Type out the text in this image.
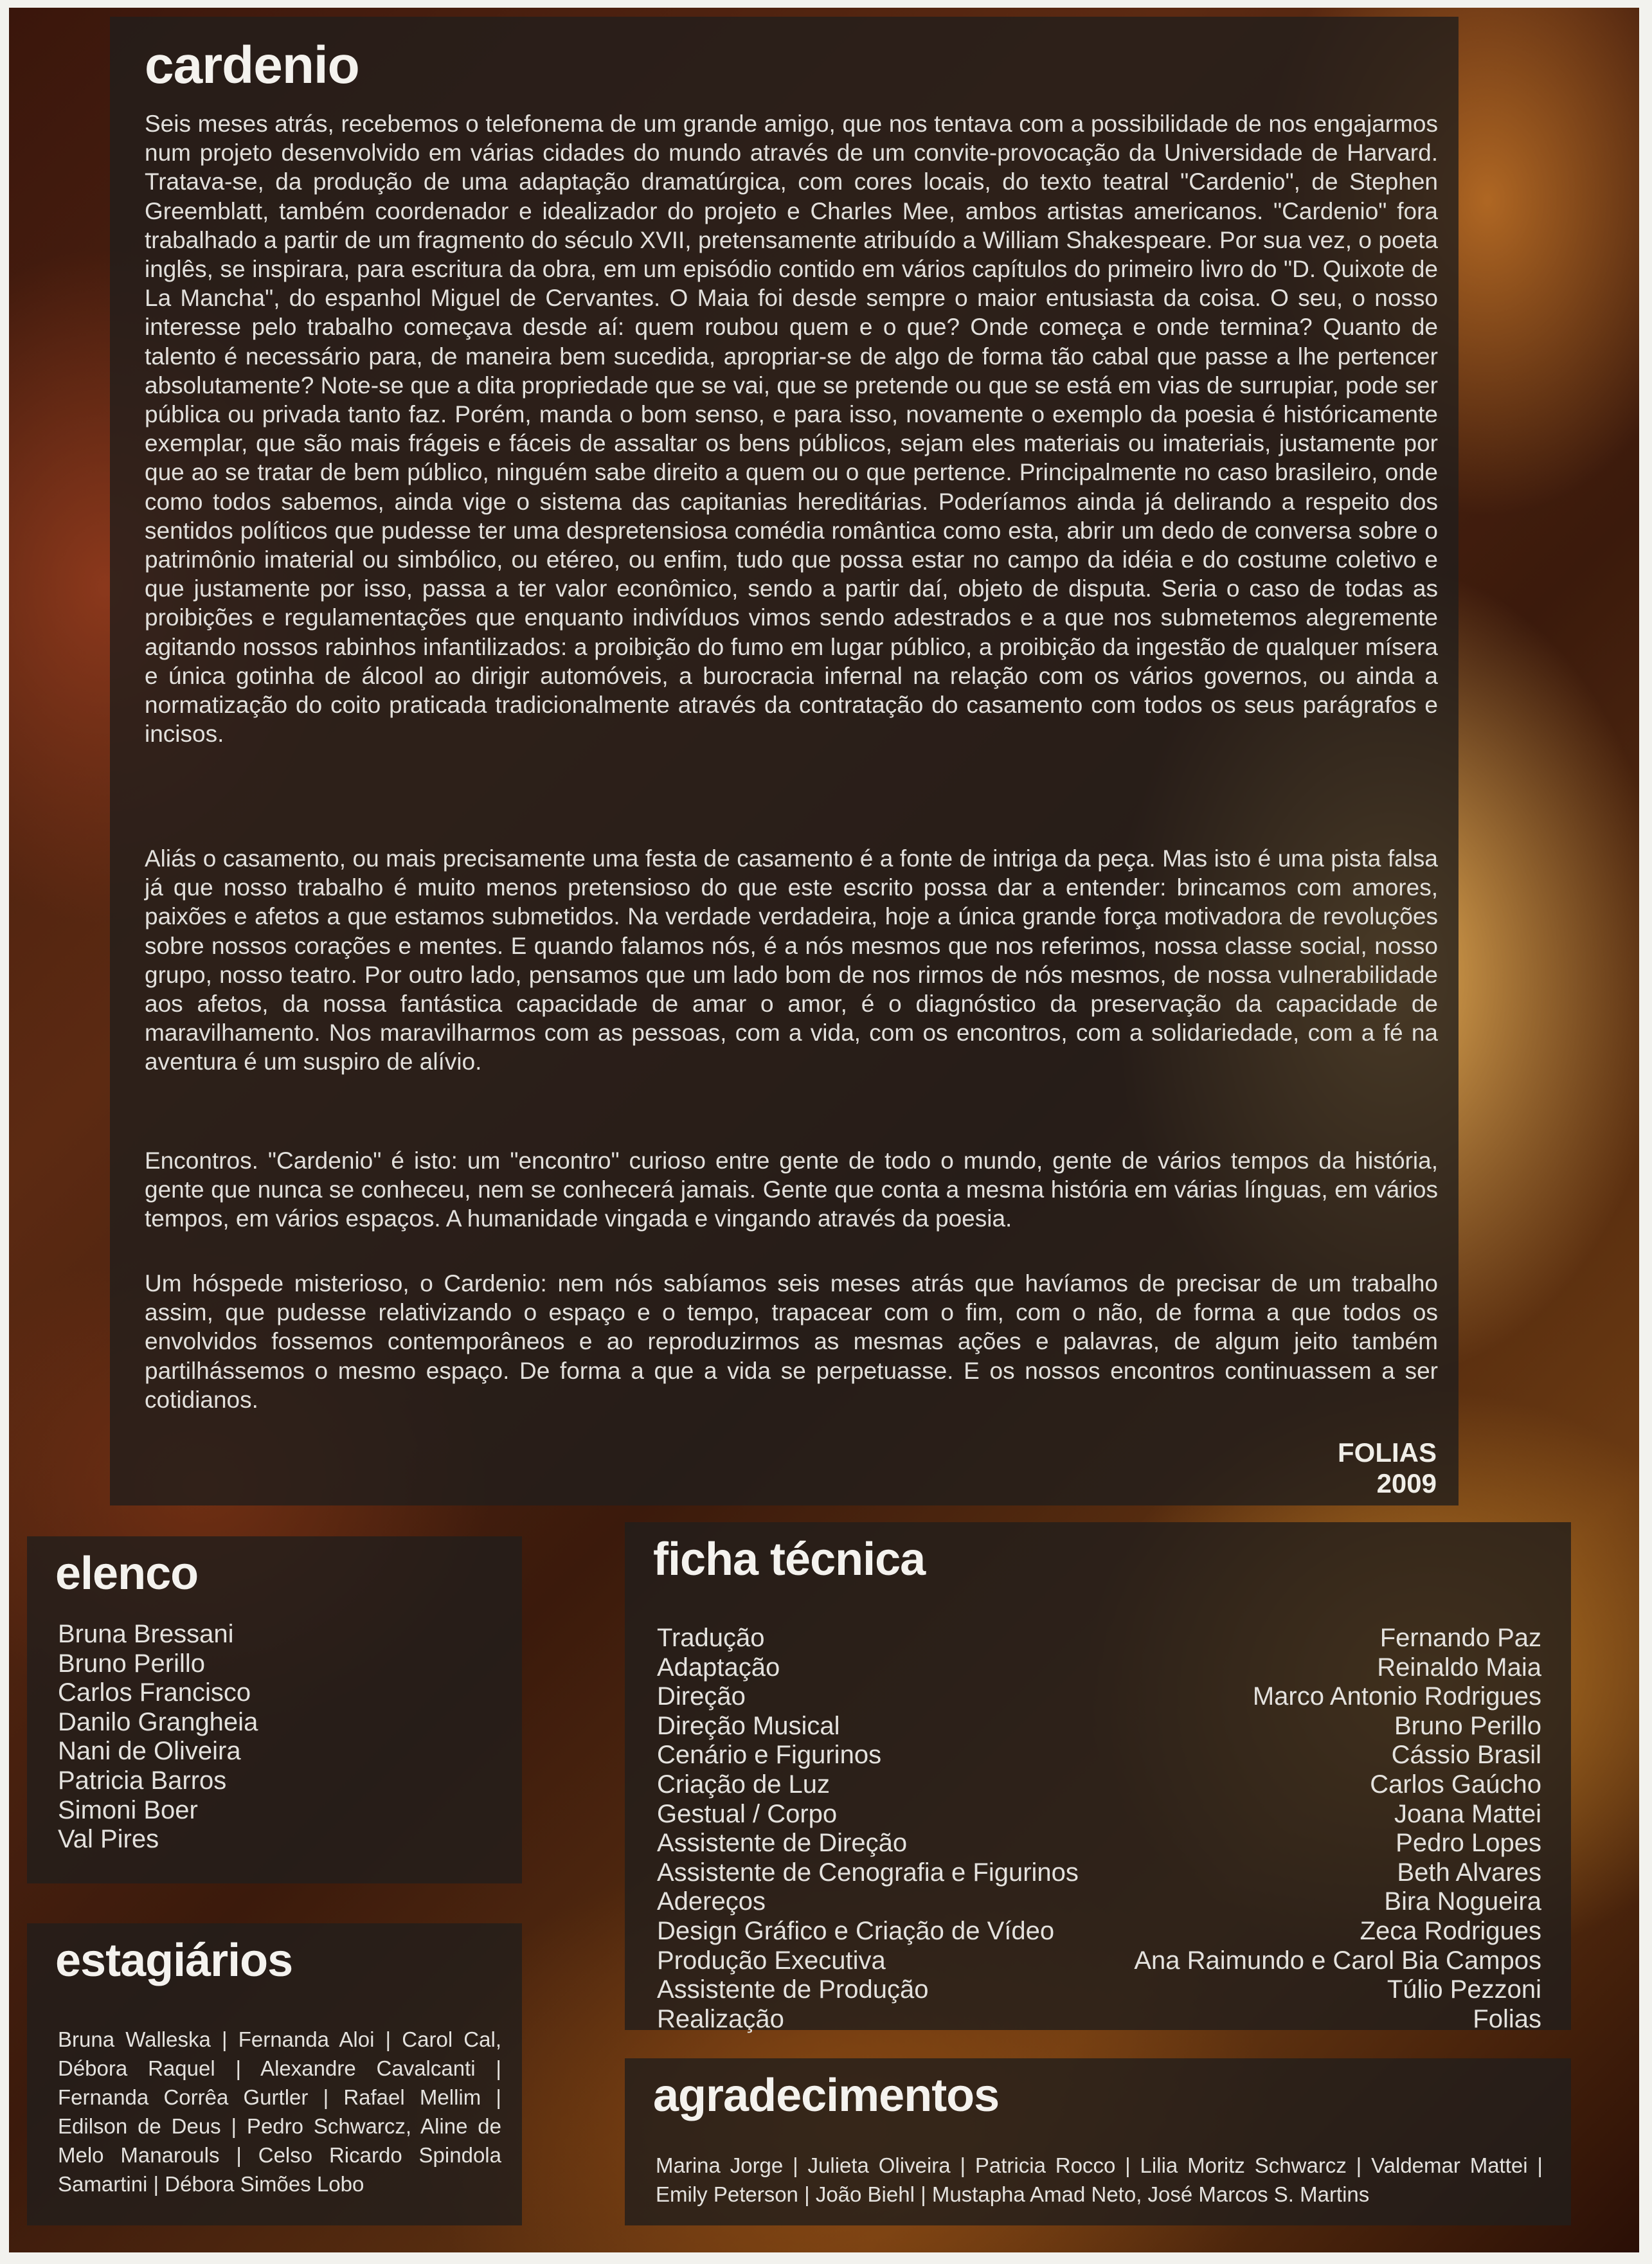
cardenio

Seis meses atrás, recebemos o telefonema de um grande amigo, que nos tentava com a possibilidade de nos engajarmos num projeto desenvolvido em várias cidades do mundo através de um convite-provocação da Universidade de Harvard. Tratava-se, da produção de uma adaptação dramatúrgica, com cores locais, do texto teatral "Cardenio", de Stephen Greemblatt, também coordenador e idealizador do projeto e Charles Mee, ambos artistas americanos. "Cardenio" fora trabalhado a partir de um fragmento do século XVII, pretensamente atribuído a William Shakespeare. Por sua vez, o poeta inglês, se inspirara, para escritura da obra, em um episódio contido em vários capítulos do primeiro livro do "D. Quixote de La Mancha", do espanhol Miguel de Cervantes. O Maia foi desde sempre o maior entusiasta da coisa. O seu, o nosso interesse pelo trabalho começava desde aí: quem roubou quem e o que? Onde começa e onde termina? Quanto de talento é necessário para, de maneira bem sucedida, apropriar-se de algo de forma tão cabal que passe a lhe pertencer absolutamente? Note-se que a dita propriedade que se vai, que se pretende ou que se está em vias de surrupiar, pode ser pública ou privada tanto faz. Porém, manda o bom senso, e para isso, novamente o exemplo da poesia é históricamente exemplar, que são mais frágeis e fáceis de assaltar os bens públicos, sejam eles materiais ou imateriais, justamente por que ao se tratar de bem público, ninguém sabe direito a quem ou o que pertence. Principalmente no caso brasileiro, onde como todos sabemos, ainda vige o sistema das capitanias hereditárias. Poderíamos ainda já delirando a respeito dos sentidos políticos que pudesse ter uma despretensiosa comédia romântica como esta, abrir um dedo de conversa sobre o patrimônio imaterial ou simbólico, ou etéreo, ou enfim, tudo que possa estar no campo da idéia e do costume coletivo e que justamente por isso, passa a ter valor econômico, sendo a partir daí, objeto de disputa. Seria o caso de todas as proibições e regulamentações que enquanto indivíduos vimos sendo adestrados e a que nos submetemos alegremente agitando nossos rabinhos infantilizados: a proibição do fumo em lugar público, a proibição da ingestão de qualquer mísera e única gotinha de álcool ao dirigir automóveis, a burocracia infernal na relação com os vários governos, ou ainda a normatização do coito praticada tradicionalmente através da contratação do casamento com todos os seus parágrafos e incisos.

Aliás o casamento, ou mais precisamente uma festa de casamento é a fonte de intriga da peça. Mas isto é uma pista falsa já que nosso trabalho é muito menos pretensioso do que este escrito possa dar a entender: brincamos com amores, paixões e afetos a que estamos submetidos. Na verdade verdadeira, hoje a única grande força motivadora de revoluções sobre nossos corações e mentes. E quando falamos nós, é a nós mesmos que nos referimos, nossa classe social, nosso grupo, nosso teatro. Por outro lado, pensamos que um lado bom de nos rirmos de nós mesmos, de nossa vulnerabilidade aos afetos, da nossa fantástica capacidade de amar o amor, é o diagnóstico da preservação da capacidade de maravilhamento. Nos maravilharmos com as pessoas, com a vida, com os encontros, com a solidariedade, com a fé na aventura é um suspiro de alívio.

Encontros. "Cardenio" é isto: um "encontro" curioso entre gente de todo o mundo, gente de vários tempos da história, gente que nunca se conheceu, nem se conhecerá jamais. Gente que conta a mesma história em várias línguas, em vários tempos, em vários espaços. A humanidade vingada e vingando através da poesia.

Um hóspede misterioso, o Cardenio: nem nós sabíamos seis meses atrás que havíamos de precisar de um trabalho assim, que pudesse relativizando o espaço e o tempo, trapacear com o fim, com o não, de forma a que todos os envolvidos fossemos contemporâneos e ao reproduzirmos as mesmas ações e palavras, de algum jeito também partilhássemos o mesmo espaço. De forma a que a vida se perpetuasse. E os nossos encontros continuassem a ser cotidianos.

FOLIAS
2009
elenco
Bruna Bressani
Bruno Perillo
Carlos Francisco
Danilo Grangheia
Nani de Oliveira
Patricia Barros
Simoni Boer
Val Pires
estagiários
Bruna Walleska | Fernanda Aloi | Carol Cal, Débora Raquel | Alexandre Cavalcanti | Fernanda Corrêa Gurtler | Rafael Mellim | Edilson de Deus | Pedro Schwarcz, Aline de Melo Manarouls | Celso Ricardo Spindola Samartini | Débora Simões Lobo
ficha técnica
Tradução
Adaptação
Direção
Direção Musical
Cenário e Figurinos
Criação de Luz
Gestual / Corpo
Assistente de Direção
Assistente de Cenografia e Figurinos
Adereços
Design Gráfico e Criação de Vídeo
Produção Executiva
Assistente de Produção
Realização
Fernando Paz
Reinaldo Maia
Marco Antonio Rodrigues
Bruno Perillo
Cássio Brasil
Carlos Gaúcho
Joana Mattei
Pedro Lopes
Beth Alvares
Bira Nogueira
Zeca Rodrigues
Ana Raimundo e Carol Bia Campos
Túlio Pezzoni
Folias
agradecimentos
Marina Jorge | Julieta Oliveira | Patricia Rocco | Lilia Moritz Schwarcz | Valdemar Mattei | Emily Peterson | João Biehl | Mustapha Amad Neto, José Marcos S. Martins
